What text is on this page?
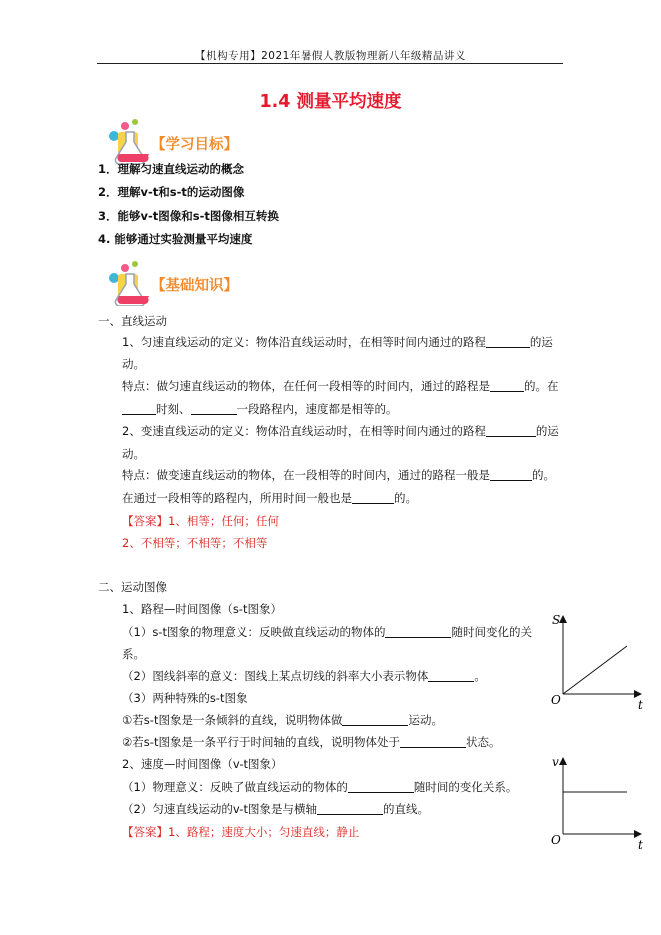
【机构专用】2021年暑假人教版物理新八年级精品讲义
1.4 测量平均速度
【学习目标】
1．理解匀速直线运动的概念
2．理解v-t和s-t的运动图像
3．能够v-t图像和s-t图像相互转换
4. 能够通过实验测量平均速度
【基础知识】
一、直线运动
1、匀速直线运动的定义：物体沿直线运动时，在相等时间内通过的路程	的运
动。
特点：做匀速直线运动的物体，在任何一段相等的时间内，通过的路程是	的。在
时刻、	一段路程内，速度都是相等的。
2、变速直线运动的定义：物体沿直线运动时，在相等时间内通过的路程	的运
动。
特点：做变速直线运动的物体，在一段相等的时间内，通过的路程一般是	的。
在通过一段相等的路程内，所用时间一般也是	的。
【答案】1、相等；任何；任何
2、不相等；不相等；不相等
二、运动图像
1、路程—时间图像（s-t图象）
（1）s-t图象的物理意义：反映做直线运动的物体的	随时间变化的关
系。
（2）图线斜率的意义：图线上某点切线的斜率大小表示物体	。
（3）两种特殊的s-t图象
①若s-t图象是一条倾斜的直线，说明物体做	运动。
②若s-t图象是一条平行于时间轴的直线，说明物体处于	状态。
2、速度—时间图像（v-t图象）
（1）物理意义：反映了做直线运动的物体的	随时间的变化关系。
（2）匀速直线运动的v-t图象是与横轴	的直线。
【答案】1、路程；速度大小；匀速直线；静止
S
t
O
v
t
O
